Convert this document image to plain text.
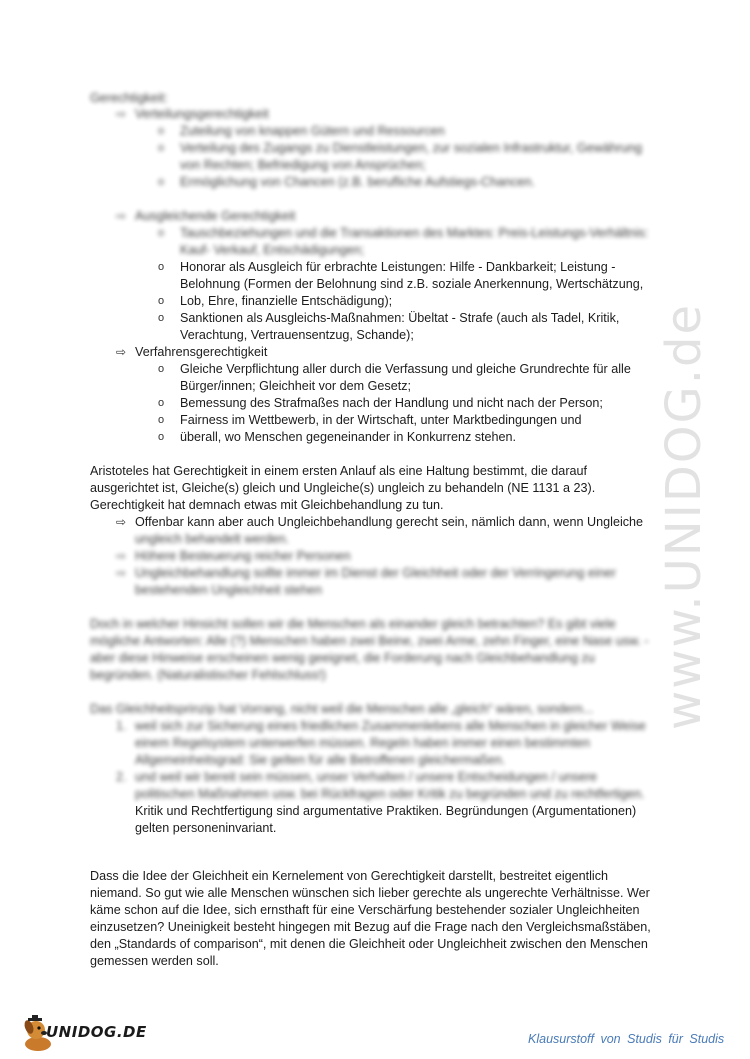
www.UNIDOG.de
Gerechtigkeit:
⇨ Verteilungsgerechtigkeit
o Zuteilung von knappen Gütern und Ressourcen
o Verteilung des Zugangs zu Dienstleistungen, zur sozialen Infrastruktur, Gewährung
von Rechten; Befriedigung von Ansprüchen;
o Ermöglichung von Chancen (z.B. berufliche Aufstiegs-Chancen.
⇨ Ausgleichende Gerechtigkeit
o Tauschbeziehungen und die Transaktionen des Marktes: Preis-Leistungs-Verhältnis:
Kauf- Verkauf, Entschädigungen;
o Honorar als Ausgleich für erbrachte Leistungen: Hilfe - Dankbarkeit; Leistung -
Belohnung (Formen der Belohnung sind z.B. soziale Anerkennung, Wertschätzung,
o Lob, Ehre, finanzielle Entschädigung);
o Sanktionen als Ausgleichs-Maßnahmen: Übeltat - Strafe (auch als Tadel, Kritik,
Verachtung, Vertrauensentzug, Schande);
⇨ Verfahrensgerechtigkeit
o Gleiche Verpflichtung aller durch die Verfassung und gleiche Grundrechte für alle
Bürger/innen; Gleichheit vor dem Gesetz;
o Bemessung des Strafmaßes nach der Handlung und nicht nach der Person;
o Fairness im Wettbewerb, in der Wirtschaft, unter Marktbedingungen und
o überall, wo Menschen gegeneinander in Konkurrenz stehen.
Aristoteles hat Gerechtigkeit in einem ersten Anlauf als eine Haltung bestimmt, die darauf
ausgerichtet ist, Gleiche(s) gleich und Ungleiche(s) ungleich zu behandeln (NE 1131 a 23).
Gerechtigkeit hat demnach etwas mit Gleichbehandlung zu tun.
⇨ Offenbar kann aber auch Ungleichbehandlung gerecht sein, nämlich dann, wenn Ungleiche
ungleich behandelt werden.
⇨ Höhere Besteuerung reicher Personen
⇨ Ungleichbehandlung sollte immer im Dienst der Gleichheit oder der Verringerung einer
bestehenden Ungleichheit stehen
Doch in welcher Hinsicht sollen wir die Menschen als einander gleich betrachten? Es gibt viele
mögliche Antworten: Alle (?) Menschen haben zwei Beine, zwei Arme, zehn Finger, eine Nase usw. -
aber diese Hinweise erscheinen wenig geeignet, die Forderung nach Gleichbehandlung zu
begründen. (Naturalistischer Fehlschluss!)
Das Gleichheitsprinzip hat Vorrang, nicht weil die Menschen alle „gleich“ wären, sondern...
1. weil sich zur Sicherung eines friedlichen Zusammenlebens alle Menschen in gleicher Weise
einem Regelsystem unterwerfen müssen. Regeln haben immer einen bestimmten
Allgemeinheitsgrad: Sie gelten für alle Betroffenen gleichermaßen.
2. und weil wir bereit sein müssen, unser Verhalten / unsere Entscheidungen / unsere
politischen Maßnahmen usw. bei Rückfragen oder Kritik zu begründen und zu rechtfertigen.
Kritik und Rechtfertigung sind argumentative Praktiken. Begründungen (Argumentationen)
gelten personeninvariant.
Dass die Idee der Gleichheit ein Kernelement von Gerechtigkeit darstellt, bestreitet eigentlich
niemand. So gut wie alle Menschen wünschen sich lieber gerechte als ungerechte Verhältnisse. Wer
käme schon auf die Idee, sich ernsthaft für eine Verschärfung bestehender sozialer Ungleichheiten
einzusetzen? Uneinigkeit besteht hingegen mit Bezug auf die Frage nach den Vergleichsmaßstäben,
den „Standards of comparison“, mit denen die Gleichheit oder Ungleichheit zwischen den Menschen
gemessen werden soll.
UNIDOG.DE	Klausurstoff von Studis für Studis
